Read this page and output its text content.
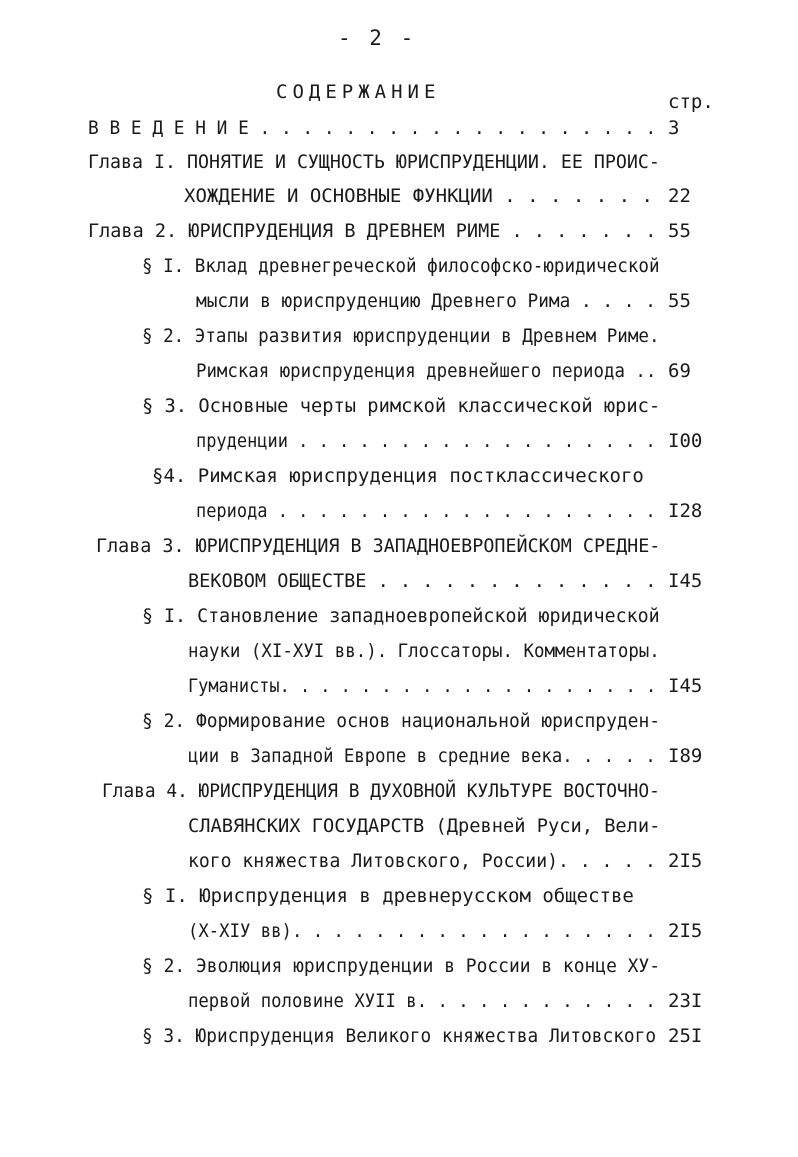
- 2 -
СОДЕРЖАНИЕ	стр.
В В Е Д Е Н И Е . . . . . . . . . . . . . . . . . . . 3
Глава I. ПОНЯТИЕ И СУЩНОСТЬ ЮРИСПРУДЕНЦИИ. ЕЕ ПРОИС-
ХОЖДЕНИЕ И ОСНОВНЫЕ ФУНКЦИИ . . . . . . . 22
Глава 2. ЮРИСПРУДЕНЦИЯ В ДРЕВНЕМ РИМЕ . . . . . . . 55
§ I. Вклад древнегреческой философско-юридической
мысли в юриспруденцию Древнего Рима . . . . 55
§ 2. Этапы развития юриспруденции в Древнем Риме.
Римская юриспруденция древнейшего периода .. 69
§ 3. Основные черты римской классической юрис-
пруденции . . . . . . . . . . . . . . . . . . I00
§4. Римская юриспруденция постклассического
периода . . . . . . . . . . . . . . . . . . . I28
Глава 3. ЮРИСПРУДЕНЦИЯ В ЗАПАДНОЕВРОПЕЙСКОМ СРЕДНЕ-
ВЕКОВОМ ОБЩЕСТВЕ . . . . . . . . . . . . . I45
§ I. Становление западноевропейской юридической
науки (XI-XУI вв.). Глоссаторы. Комментаторы.
Гуманисты. . . . . . . . . . . . . . . . . . . I45
§ 2. Формирование основ национальной юриспруден-
ции в Западной Европе в средние века. . . . . I89
Глава 4. ЮРИСПРУДЕНЦИЯ В ДУХОВНОЙ КУЛЬТУРЕ ВОСТОЧНО-
СЛАВЯНСКИХ ГОСУДАРСТВ (Древней Руси, Вели-
кого княжества Литовского, России). . . . . 2I5
§ I. Юриспруденция в древнерусском обществе
(X-XIУ вв). . . . . . . . . . . . . . . . . . 2I5
§ 2. Эволюция юриспруденции в России в конце XУ-
первой половине XУII в. . . . . . . . . . . . 23I
§ 3. Юриспруденция Великого княжества Литовского 25I
